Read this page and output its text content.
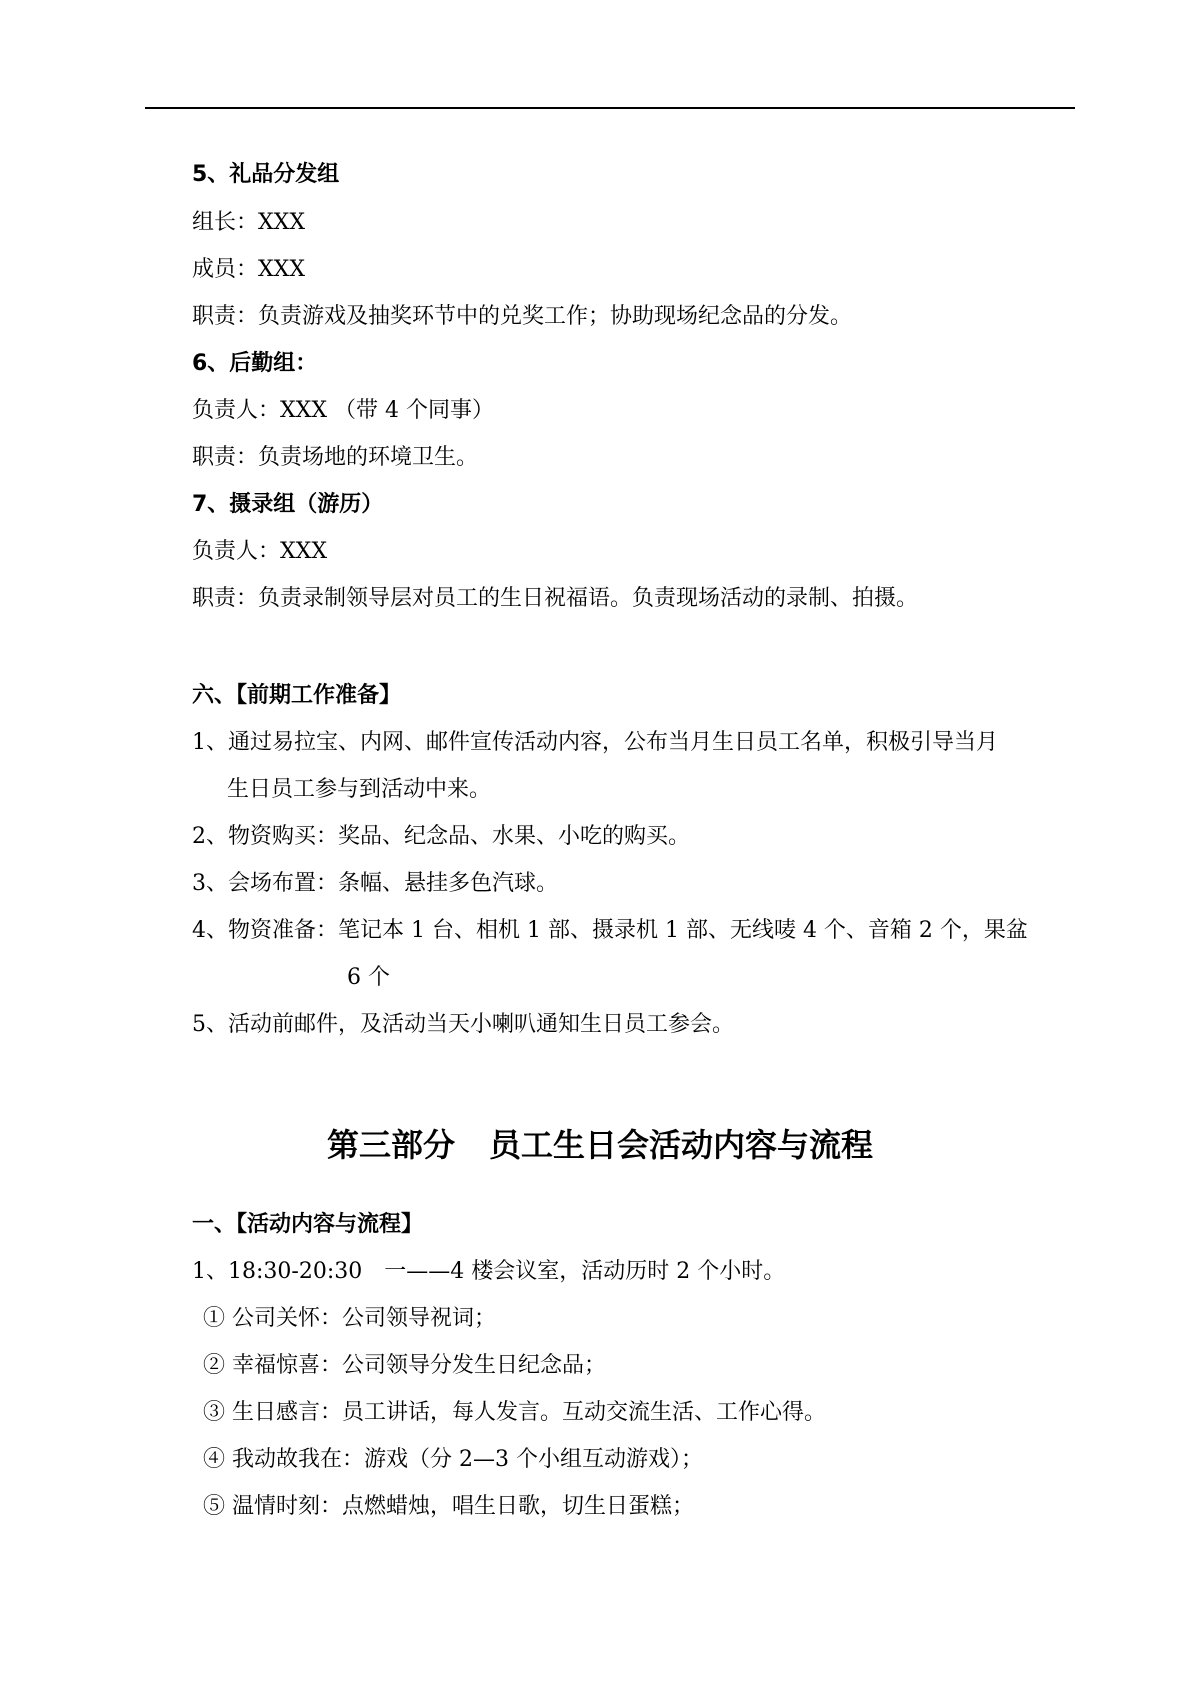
5、礼品分发组
组长：XXX
成员：XXX
职责：负责游戏及抽奖环节中的兑奖工作；协助现场纪念品的分发。
6、后勤组：
负责人：XXX （带 4 个同事）
职责：负责场地的环境卫生。
7、摄录组（游历）
负责人：XXX
职责：负责录制领导层对员工的生日祝福语。负责现场活动的录制、拍摄。
六、【前期工作准备】
1、通过易拉宝、内网、邮件宣传活动内容，公布当月生日员工名单，积极引导当月
生日员工参与到活动中来。
2、物资购买：奖品、纪念品、水果、小吃的购买。
3、会场布置：条幅、悬挂多色汽球。
4、物资准备：笔记本 1 台、相机 1 部、摄录机 1 部、无线唛 4 个、音箱 2 个，果盆
6 个
5、活动前邮件，及活动当天小喇叭通知生日员工参会。
第三部分 员工生日会活动内容与流程
一、【活动内容与流程】
1、18:30-20:30　一——4 楼会议室，活动历时 2 个小时。
① 公司关怀：公司领导祝词；
② 幸福惊喜：公司领导分发生日纪念品；
③ 生日感言：员工讲话，每人发言。互动交流生活、工作心得。
④ 我动故我在：游戏（分 2—3 个小组互动游戏）；
⑤ 温情时刻：点燃蜡烛，唱生日歌，切生日蛋糕；
